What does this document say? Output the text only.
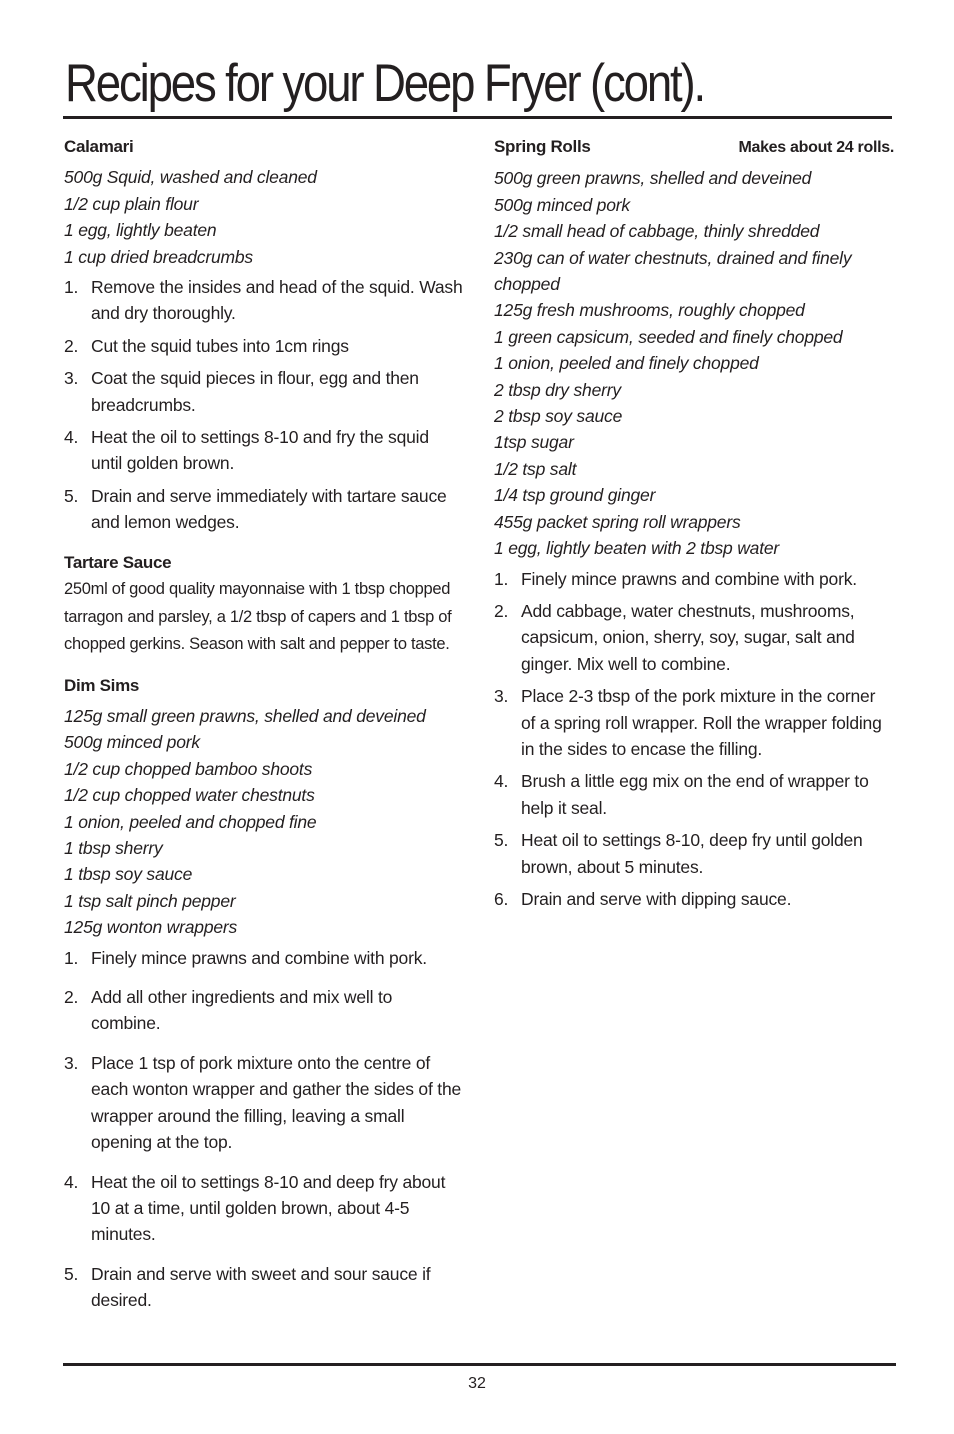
Recipes for your Deep Fryer (cont).
Calamari
500g Squid, washed and cleaned
1/2 cup plain flour
1 egg, lightly beaten
1 cup dried breadcrumbs
1. Remove the insides and head of the squid. Wash and dry thoroughly.
2. Cut the squid tubes into 1cm rings
3. Coat the squid pieces in flour, egg and then breadcrumbs.
4. Heat the oil to settings 8-10 and fry the squid until golden brown.
5. Drain and serve immediately with tartare sauce and lemon wedges.
Tartare Sauce

250ml of good quality mayonnaise with 1 tbsp chopped tarragon and parsley, a 1/2 tbsp of capers and 1 tbsp of chopped gerkins. Season with salt and pepper to taste.

Dim Sims
125g small green prawns, shelled and deveined
500g minced pork
1/2 cup chopped bamboo shoots
1/2 cup chopped water chestnuts
1 onion, peeled and chopped fine
1 tbsp sherry
1 tbsp soy sauce
1 tsp salt pinch pepper
125g wonton wrappers
1. Finely mince prawns and combine with pork.
2. Add all other ingredients and mix well to combine.
3. Place 1 tsp of pork mixture onto the centre of each wonton wrapper and gather the sides of the wrapper around the filling, leaving a small opening at the top.
4. Heat the oil to settings 8-10 and deep fry about 10 at a time, until golden brown, about 4-5 minutes.
5. Drain and serve with sweet and sour sauce if desired.
Spring Rolls	Makes about 24 rolls.
500g green prawns, shelled and deveined
500g minced pork
1/2 small head of cabbage, thinly shredded
230g can of water chestnuts, drained and finely chopped
125g fresh mushrooms, roughly chopped
1 green capsicum, seeded and finely chopped
1 onion, peeled and finely chopped
2 tbsp dry sherry
2 tbsp soy sauce
1tsp sugar
1/2 tsp salt
1/4 tsp ground ginger
455g packet spring roll wrappers
1 egg, lightly beaten with 2 tbsp water
1. Finely mince prawns and combine with pork.
2. Add cabbage, water chestnuts, mushrooms, capsicum, onion, sherry, soy, sugar, salt and ginger. Mix well to combine.
3. Place 2-3 tbsp of the pork mixture in the corner of a spring roll wrapper. Roll the wrapper folding in the sides to encase the filling.
4. Brush a little egg mix on the end of wrapper to help it seal.
5. Heat oil to settings 8-10, deep fry until golden brown, about 5 minutes.
6. Drain and serve with dipping sauce.
32
